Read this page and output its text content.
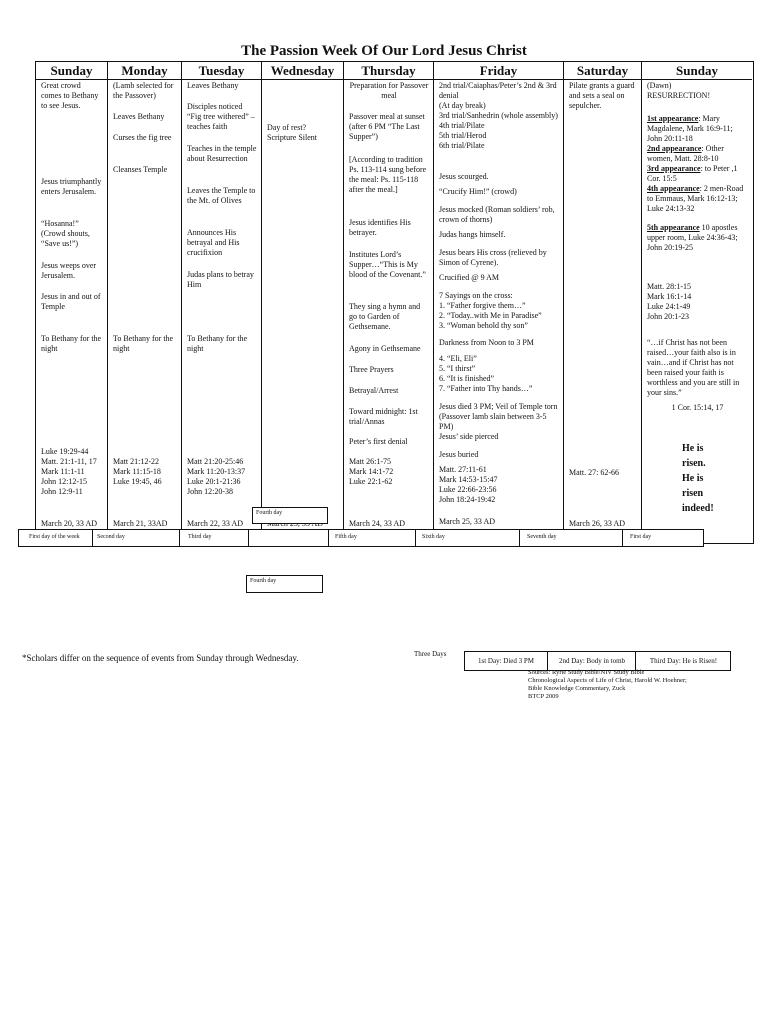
The Passion Week Of Our Lord Jesus Christ
Sunday

Great crowd comes to Bethany to see Jesus.

Jesus triumphantly enters Jerusalem.

“Hosanna!” (Crowd shouts, “Save us!”)

Jesus weeps over Jerusalem.

Jesus in and out of Temple

To Bethany for the night

Luke 19:29-44
Matt. 21:1-11, 17
Mark 11:1-11
John 12:12-15
John 12:9-11

March 20, 33 AD

Monday

(Lamb selected for the Passover)

Leaves Bethany

Curses the fig tree

Cleanses Temple

To Bethany for the night

Matt 21:12-22
Mark 11:15-18
Luke 19:45, 46

March 21, 33AD

Tuesday

Leaves Bethany

Disciples noticed “Fig tree withered” –teaches faith

Teaches in the temple about Resurrection

Leaves the Temple to the Mt. of Olives

Announces His betrayal and His crucifixion

Judas plans to betray Him

To Bethany for the night

Matt 21:20-25:46
Mark 11:20-13:37
Luke 20:1-21:36
John 12:20-38

March 22, 33 AD

Wednesday

Day of rest?
Scripture Silent

Thursday

Preparation for Passover meal

Passover meal at sunset (after 6 PM “The Last Supper”)

[According to tradition Ps. 113-114 sung before the meal: Ps. 115-118 after the meal.]

Jesus identifies His betrayer.

Institutes Lord’s Supper…“This is My blood of the Covenant.”

They sing a hymn and go to Garden of Gethsemane.

Agony in Gethsemane

Three Prayers

Betrayal/Arrest

Toward midnight: 1st trial/Annas

Peter’s first denial

Matt 26:1-75
Mark 14:1-72
Luke 22:1-62

March 24, 33 AD

Friday

2nd trial/Caiaphas/Peter’s 2nd & 3rd denial
(At day break)
3rd trial/Sanhedrin (whole assembly)
4th trial/Pilate
5th trial/Herod
6th trial/Pilate

Jesus scourged.

“Crucify Him!” (crowd)

Jesus mocked (Roman soldiers’ rob, crown of thorns)

Judas hangs himself.

Jesus bears His cross (relieved by Simon of Cyrene).

Crucified @ 9 AM

7 Sayings on the cross:
1. “Father forgive them…”
2. “Today..with Me in Paradise”
3. “Woman behold thy son”

Darkness from Noon to 3 PM

4. “Eli, Eli”
5. “I thirst”
6. “It is finished”
7. “Father into Thy hands…”

Jesus died 3 PM; Veil of Temple torn (Passover lamb slain between 3-5 PM)
Jesus’ side pierced

Jesus buried

Matt. 27:11-61
Mark 14:53-15:47
Luke 22:66-23:56
John 18:24-19:42

March 25, 33 AD

Saturday

Pilate grants a guard and sets a seal on sepulcher.

Matt. 27: 62-66

March 26, 33 AD

Sunday

(Dawn)
RESURRECTION!

1st appearance: Mary Magdalene, Mark 16:9-11; John 20:11-18

2nd appearance: Other women, Matt. 28:8-10

3rd appearance: to Peter ,1 Cor. 15:5

4th appearance: 2 men-Road to Emmaus, Mark 16:12-13; Luke 24:13-32

5th appearance 10 apostles upper room, Luke 24:36-43; John 20:19-25

Matt. 28:1-15
Mark 16:1-14
Luke 24:1-49
John 20:1-23

“…if Christ has not been raised…your faith also is in vain…and if Christ has not been raised your faith is worthless and you are still in your sins.”

1 Cor. 15:14, 17

He is
risen.
He is
risen
indeed!

Fourth day
First day of the week	Second day	Third day	Fifth day	Sixth day	Seventh day	First day
Fourth day
*Scholars differ on the sequence of events from Sunday through Wednesday.	Three Days
1st Day: Died 3 PM	2nd Day: Body in tomb	Third Day: He is Risen!
Sources: Ryrie Study Bible/NIV Study Bible
Chronological Aspects of Life of Christ, Harold W. Hoehner;
Bible Knowledge Commentary, Zuck
BTCP 2009
